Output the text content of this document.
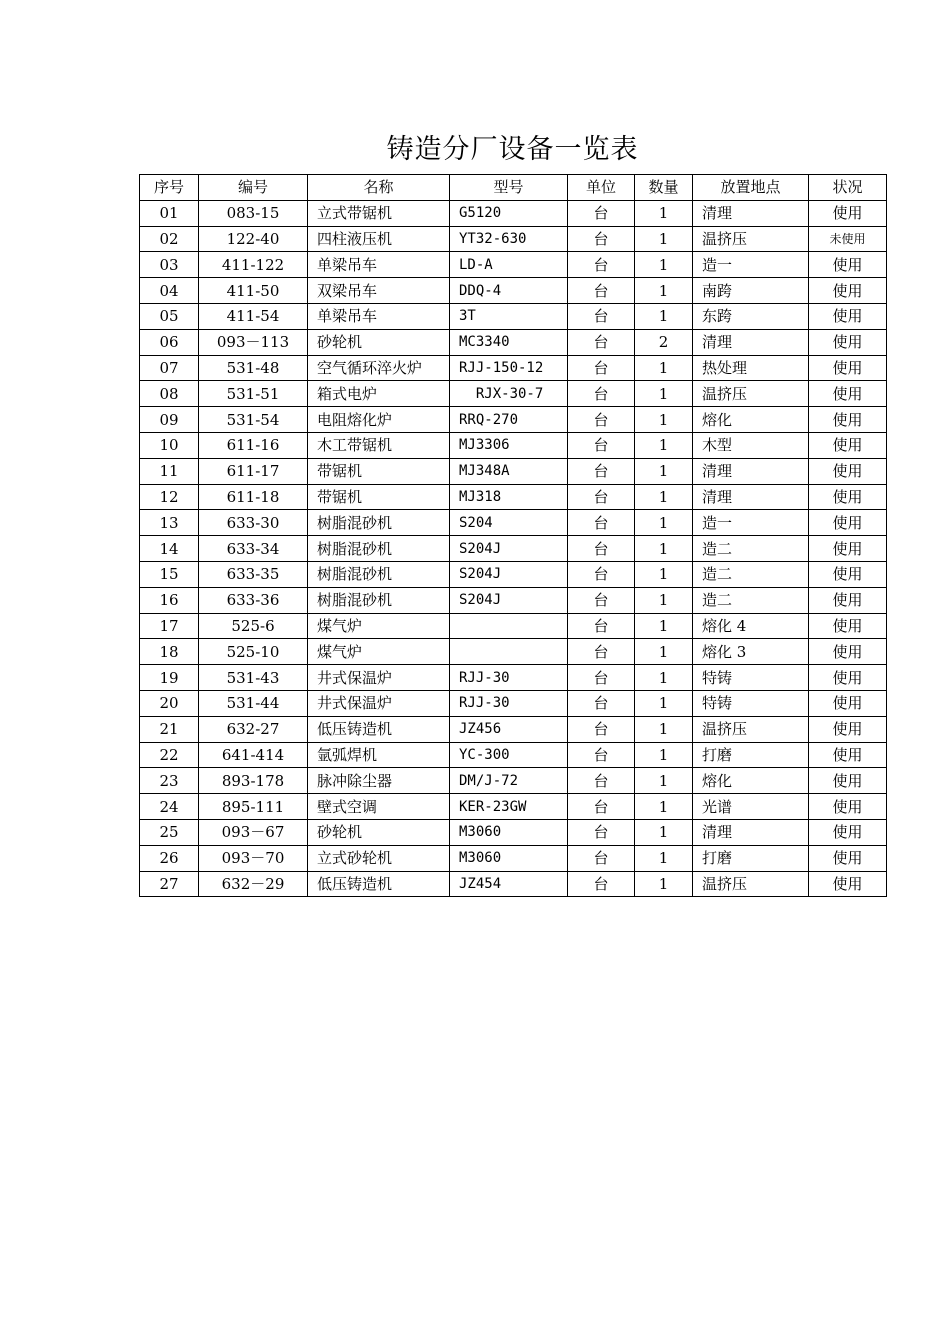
铸造分厂设备一览表
序号	编号	名称	型号	单位	数量	放置地点	状况
01	083-15	立式带锯机	G5120	台	1	清理	使用
02	122-40	四柱液压机	YT32-630	台	1	温挤压	未使用
03	411-122	单梁吊车	LD-A	台	1	造一	使用
04	411-50	双梁吊车	DDQ-4	台	1	南跨	使用
05	411-54	单梁吊车	3T	台	1	东跨	使用
06	093－113	砂轮机	MC3340	台	2	清理	使用
07	531-48	空气循环淬火炉	RJJ-150-12	台	1	热处理	使用
08	531-51	箱式电炉	RJX-30-7	台	1	温挤压	使用
09	531-54	电阻熔化炉	RRQ-270	台	1	熔化	使用
10	611-16	木工带锯机	MJ3306	台	1	木型	使用
11	611-17	带锯机	MJ348A	台	1	清理	使用
12	611-18	带锯机	MJ318	台	1	清理	使用
13	633-30	树脂混砂机	S204	台	1	造一	使用
14	633-34	树脂混砂机	S204J	台	1	造二	使用
15	633-35	树脂混砂机	S204J	台	1	造二	使用
16	633-36	树脂混砂机	S204J	台	1	造二	使用
17	525-6	煤气炉		台	1	熔化 4	使用
18	525-10	煤气炉		台	1	熔化 3	使用
19	531-43	井式保温炉	RJJ-30	台	1	特铸	使用
20	531-44	井式保温炉	RJJ-30	台	1	特铸	使用
21	632-27	低压铸造机	JZ456	台	1	温挤压	使用
22	641-414	氩弧焊机	YC-300	台	1	打磨	使用
23	893-178	脉冲除尘器	DM/J-72	台	1	熔化	使用
24	895-111	壁式空调	KER-23GW	台	1	光谱	使用
25	093－67	砂轮机	M3060	台	1	清理	使用
26	093－70	立式砂轮机	M3060	台	1	打磨	使用
27	632－29	低压铸造机	JZ454	台	1	温挤压	使用
